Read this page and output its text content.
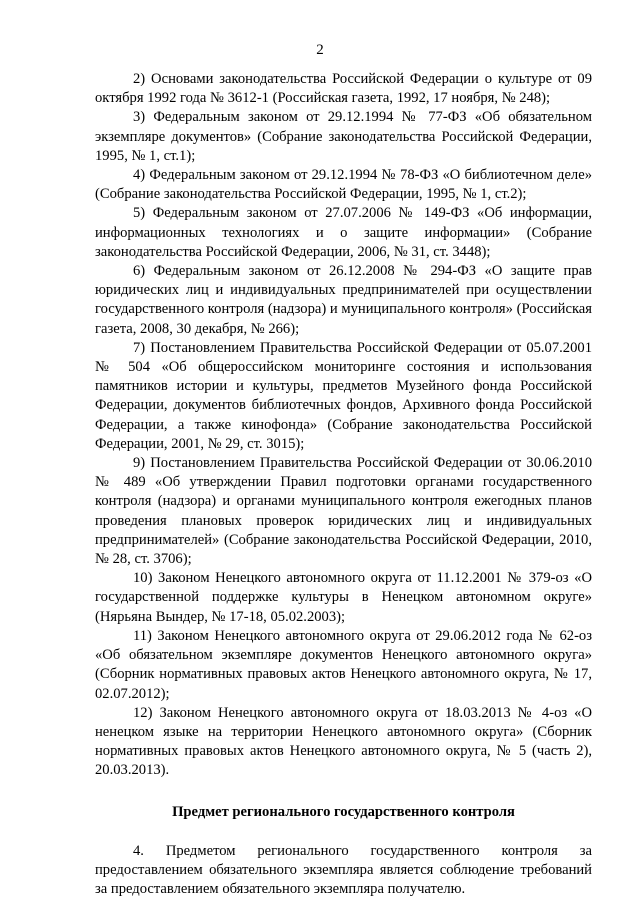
2

2) Основами законодательства Российской Федерации о культуре от 09 октября 1992 года № 3612-1 (Российская газета, 1992, 17 ноября, № 248);

3) Федеральным законом от 29.12.1994 № 77-ФЗ «Об обязательном экземпляре документов» (Собрание законодательства Российской Федерации, 1995, № 1, ст.1);

4) Федеральным законом от 29.12.1994 № 78-ФЗ «О библиотечном деле» (Собрание законодательства Российской Федерации, 1995, № 1, ст.2);

5) Федеральным законом от 27.07.2006 № 149-ФЗ «Об информации, информационных технологиях и о защите информации» (Собрание законодательства Российской Федерации, 2006, № 31, ст. 3448);

6) Федеральным законом от 26.12.2008 № 294-ФЗ «О защите прав юридических лиц и индивидуальных предпринимателей при осуществлении государственного контроля (надзора) и муниципального контроля» (Российская газета, 2008, 30 декабря, № 266);

7) Постановлением Правительства Российской Федерации от 05.07.2001 № 504 «Об общероссийском мониторинге состояния и использования памятников истории и культуры, предметов Музейного фонда Российской Федерации, документов библиотечных фондов, Архивного фонда Российской Федерации, а также кинофонда» (Собрание законодательства Российской Федерации, 2001, № 29, ст. 3015);

9) Постановлением Правительства Российской Федерации от 30.06.2010 № 489 «Об утверждении Правил подготовки органами государственного контроля (надзора) и органами муниципального контроля ежегодных планов проведения плановых проверок юридических лиц и индивидуальных предпринимателей» (Собрание законодательства Российской Федерации, 2010, № 28, ст. 3706);

10) Законом Ненецкого автономного округа от 11.12.2001 № 379-оз «О государственной поддержке культуры в Ненецком автономном округе» (Нярьяна Вындер, № 17-18, 05.02.2003);

11) Законом Ненецкого автономного округа от 29.06.2012 года № 62-оз «Об обязательном экземпляре документов Ненецкого автономного округа» (Сборник нормативных правовых актов Ненецкого автономного округа, № 17, 02.07.2012);

12) Законом Ненецкого автономного округа от 18.03.2013 № 4-оз «О ненецком языке на территории Ненецкого автономного округа» (Сборник нормативных правовых актов Ненецкого автономного округа, № 5 (часть 2), 20.03.2013).

Предмет регионального государственного контроля

4. Предметом регионального государственного контроля за предоставлением обязательного экземпляра является соблюдение требований за предоставлением обязательного экземпляра получателю.
